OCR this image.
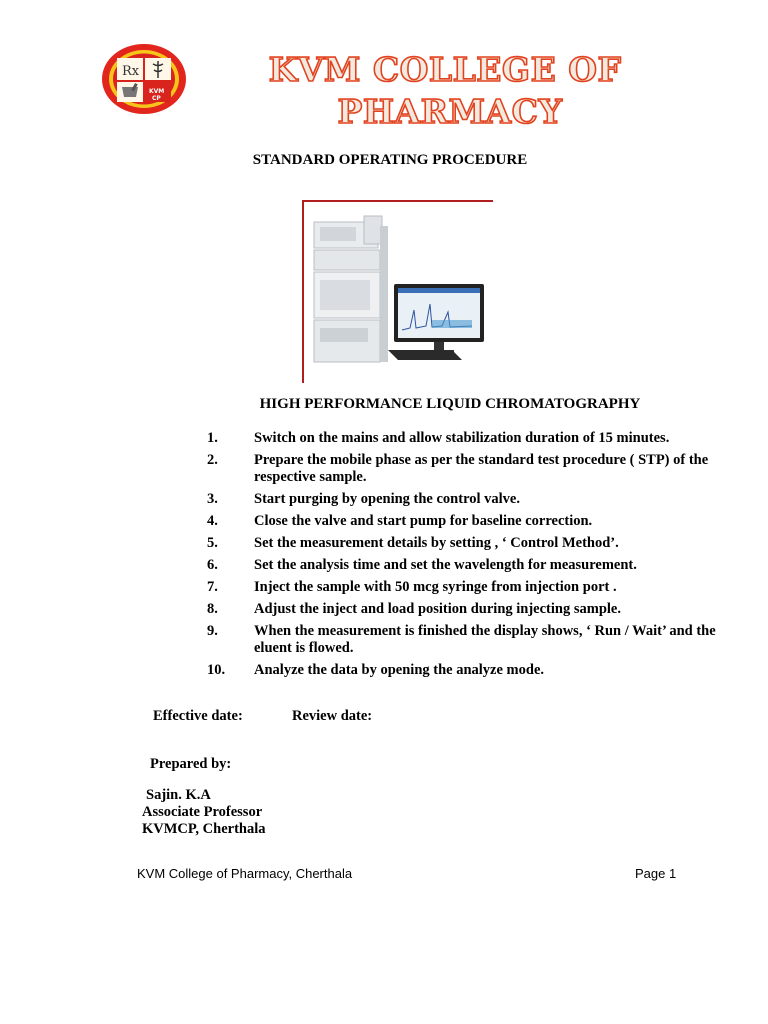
Rx
KVM
CP
KVM COLLEGE OF
PHARMACY
STANDARD OPERATING PROCEDURE
HIGH PERFORMANCE LIQUID CHROMATOGRAPHY
1. Switch on the mains and allow stabilization duration of 15 minutes.
2. Prepare the mobile phase as per the standard test procedure ( STP) of the respective sample.
3. Start purging by opening the control valve.
4. Close the valve and start pump for baseline correction.
5. Set the measurement details by setting , ‘ Control Method’.
6. Set the analysis time and set the wavelength for measurement.
7. Inject the sample with 50 mcg syringe from injection port .
8. Adjust the inject and load position during injecting sample.
9. When the measurement is finished the display shows, ‘ Run / Wait’ and the eluent is flowed.
10. Analyze the data by opening the analyze mode.
Effective date:	Review date:
Prepared by:
Sajin. K.A
Associate Professor
KVMCP, Cherthala
KVM College of Pharmacy, Cherthala	Page 1
